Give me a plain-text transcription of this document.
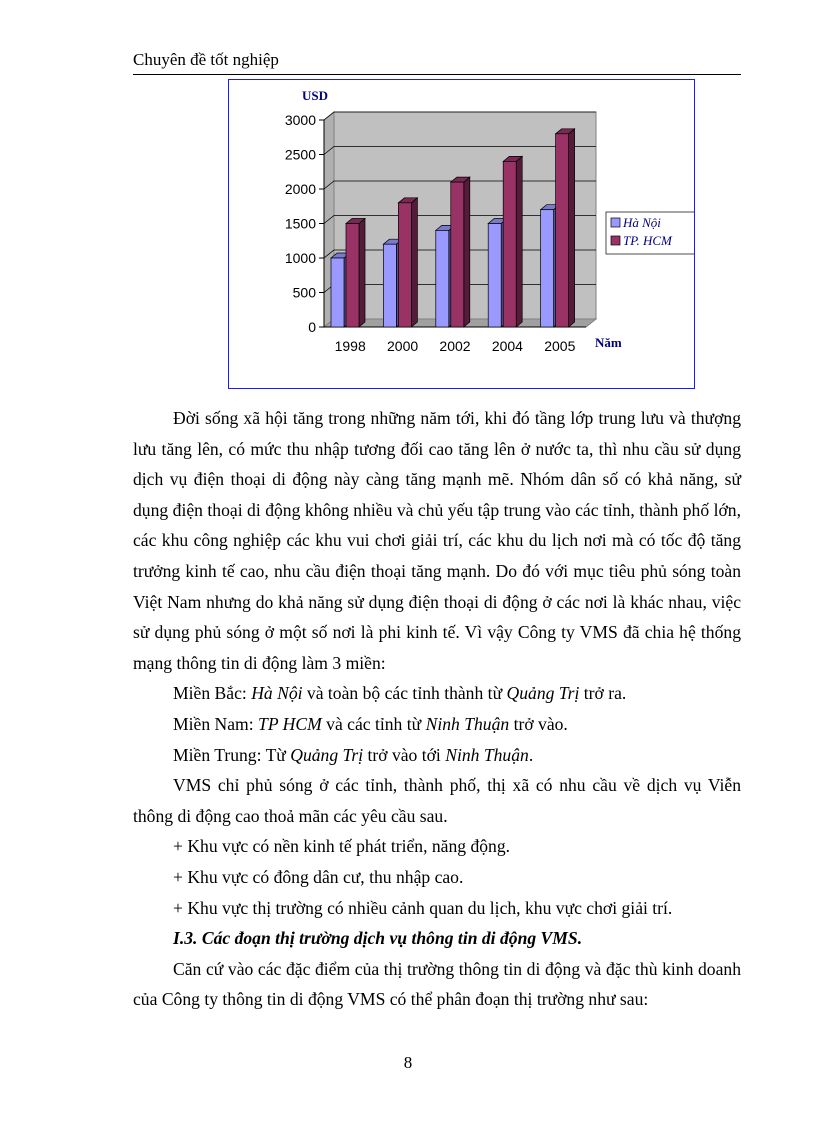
Chuyên đề tốt nghiệp
0
500
1000
1500
2000
2500
3000
1998 2000 2002 2004 2005
USD
Năm
Hà Nội
TP. HCM

Đời sống xã hội tăng trong những năm tới, khi đó tầng lớp trung lưu và thượng lưu tăng lên, có mức thu nhập tương đối cao tăng lên ở nước ta, thì nhu cầu sử dụng dịch vụ điện thoại di động này càng tăng mạnh mẽ. Nhóm dân số có khả năng, sử dụng điện thoại di động không nhiều và chủ yếu tập trung vào các tỉnh, thành phố lớn, các khu công nghiệp các khu vui chơi giải trí, các khu du lịch nơi mà có tốc độ tăng trưởng kinh tế cao, nhu cầu điện thoại tăng mạnh. Do đó với mục tiêu phủ sóng toàn Việt Nam nhưng do khả năng sử dụng điện thoại di động ở các nơi là khác nhau, việc sử dụng phủ sóng ở một số nơi là phi kinh tế. Vì vậy Công ty VMS đã chia hệ thống mạng thông tin di động làm 3 miền:

Miền Bắc: Hà Nội và toàn bộ các tỉnh thành từ Quảng Trị trở ra.

Miền Nam: TP HCM và các tỉnh từ Ninh Thuận trở vào.

Miền Trung: Từ Quảng Trị trở vào tới Ninh Thuận.

VMS chỉ phủ sóng ở các tỉnh, thành phố, thị xã có nhu cầu về dịch vụ Viễn thông di động cao thoả mãn các yêu cầu sau.

+ Khu vực có nền kinh tế phát triển, năng động.

+ Khu vực có đông dân cư, thu nhập cao.

+ Khu vực thị trường có nhiều cảnh quan du lịch, khu vực chơi giải trí.

I.3. Các đoạn thị trường dịch vụ thông tin di động VMS.

Căn cứ vào các đặc điểm của thị trường thông tin di động và đặc thù kinh doanh của Công ty thông tin di động VMS có thể phân đoạn thị trường như sau:

8
